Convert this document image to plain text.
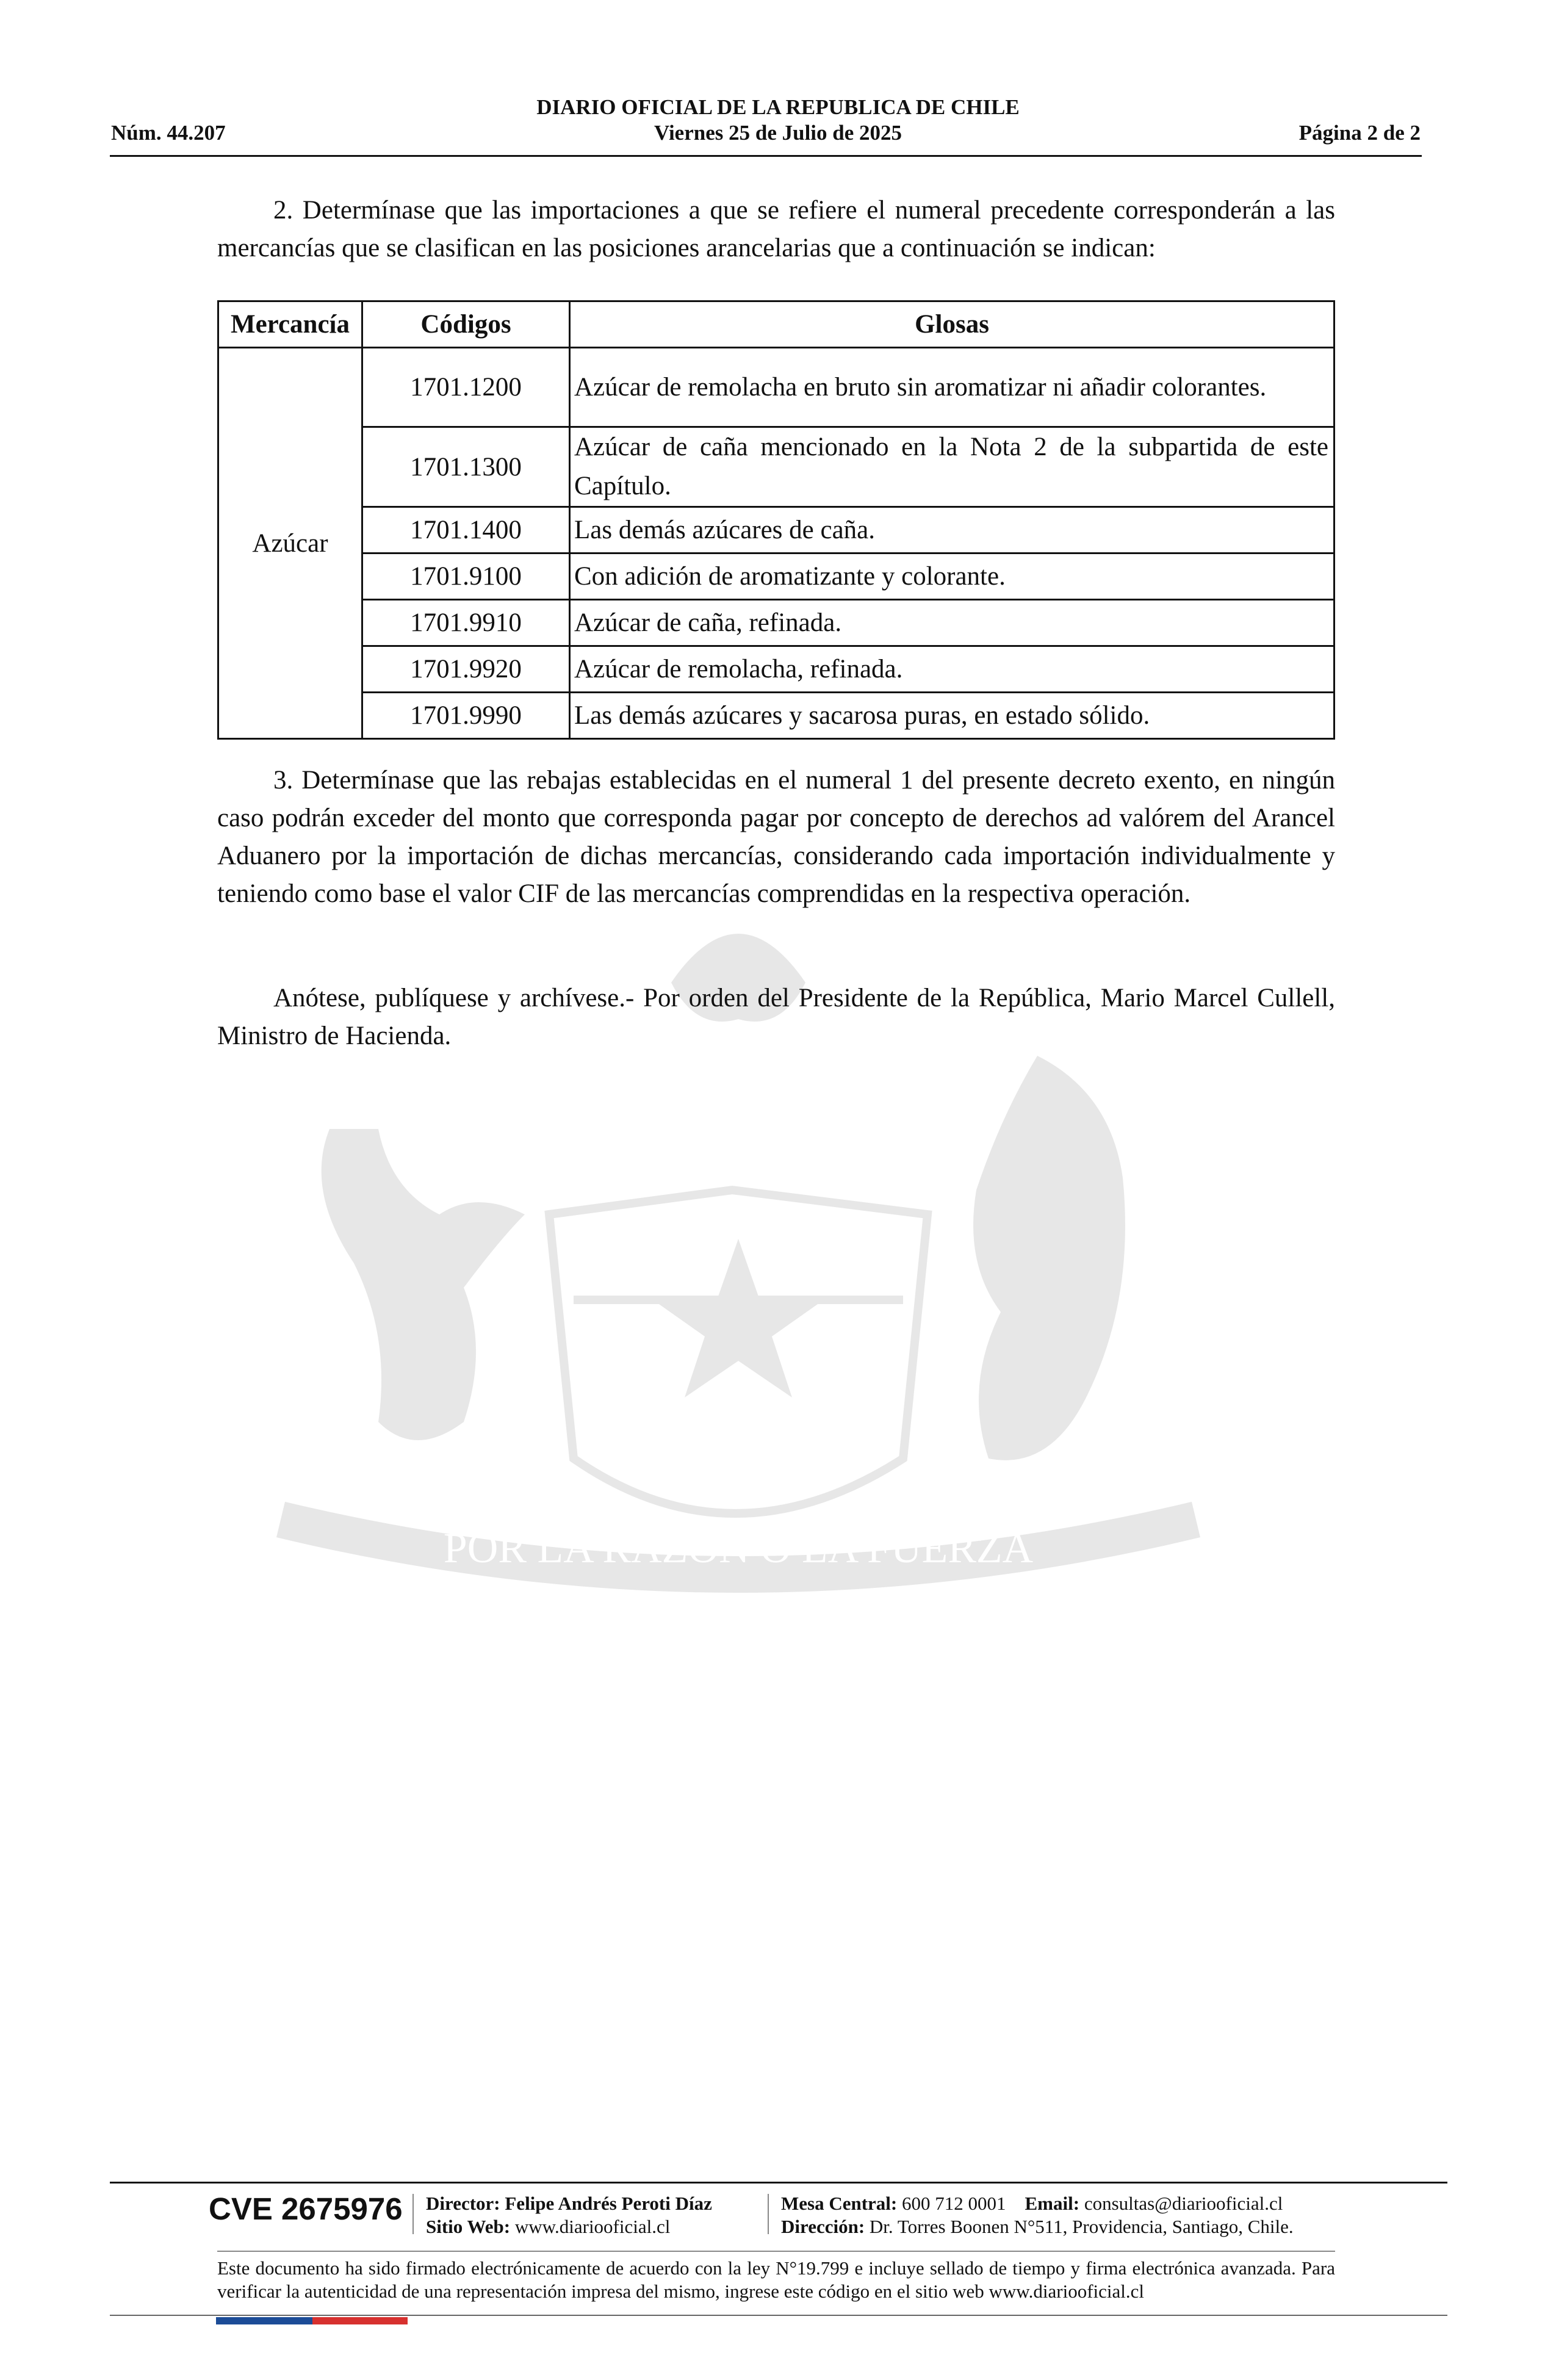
POR LA RAZON O LA FUERZA
DIARIO OFICIAL DE LA REPUBLICA DE CHILE
Viernes 25 de Julio de 2025
Núm. 44.207	Página 2 de 2

2. Determínase que las importaciones a que se refiere el numeral precedente corresponderán a las mercancías que se clasifican en las posiciones arancelarias que a continuación se indican:

Mercancía	Códigos	Glosas
Azúcar	1701.1200	Azúcar de remolacha en bruto sin aromatizar ni añadir colorantes.
	1701.1300	Azúcar de caña mencionado en la Nota 2 de la subpartida de este Capítulo.
	1701.1400	Las demás azúcares de caña.
	1701.9100	Con adición de aromatizante y colorante.
	1701.9910	Azúcar de caña, refinada.
	1701.9920	Azúcar de remolacha, refinada.
	1701.9990	Las demás azúcares y sacarosa puras, en estado sólido.

3. Determínase que las rebajas establecidas en el numeral 1 del presente decreto exento, en ningún caso podrán exceder del monto que corresponda pagar por concepto de derechos ad valórem del Arancel Aduanero por la importación de dichas mercancías, considerando cada importación individualmente y teniendo como base el valor CIF de las mercancías comprendidas en la respectiva operación.

Anótese, publíquese y archívese.- Por orden del Presidente de la República, Mario Marcel Cullell, Ministro de Hacienda.

CVE 2675976 Director: Felipe Andrés Peroti Díaz
Sitio Web: www.diariooficial.cl
Mesa Central: 600 712 0001 Email: consultas@diariooficial.cl
Dirección: Dr. Torres Boonen N°511, Providencia, Santiago, Chile.
Este documento ha sido firmado electrónicamente de acuerdo con la ley N°19.799 e incluye sellado de tiempo y firma electrónica avanzada. Para verificar la autenticidad de una representación impresa del mismo, ingrese este código en el sitio web www.diariooficial.cl
